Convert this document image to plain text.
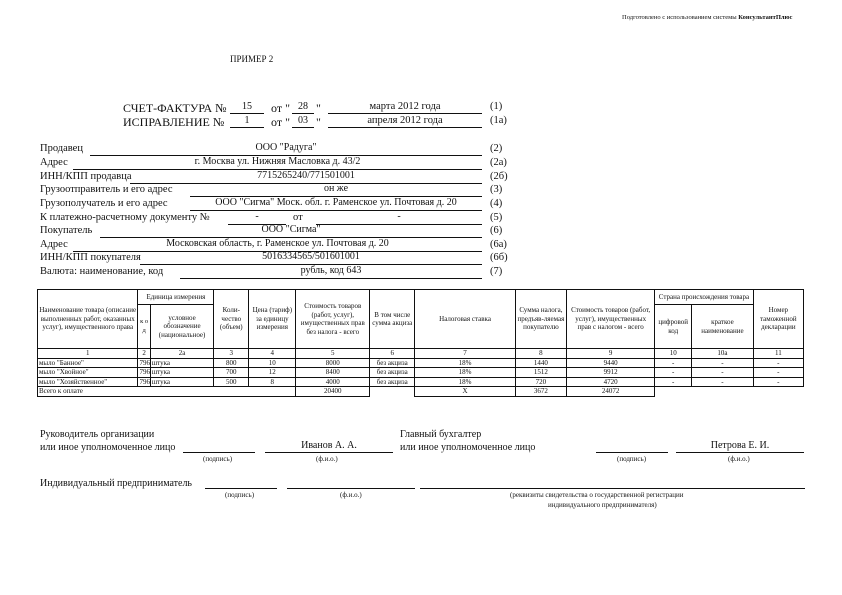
Подготовлено с использованием системы КонсультантПлюс
ПРИМЕР 2
СЧЕТ-ФАКТУРА №	15	от " 28 "	марта 2012 года	(1)
ИСПРАВЛЕНИЕ №	1	от " 03 "	апреля 2012 года	(1а)
Продавец	ООО "Радуга"	(2)
Адрес	г. Москва ул. Нижняя Масловка д. 43/2	(2а)
ИНН/КПП продавца	7715265240/771501001	(2б)
Грузоотправитель и его адрес	он же	(3)
Грузополучатель и его адрес	ООО "Сигма" Моск. обл. г. Раменское ул. Почтовая д. 20	(4)
К платежно-расчетному документу №	-	от	-	(5)
Покупатель	ООО "Сигма"	(6)
Адрес	Московская область, г. Раменское ул. Почтовая д. 20	(6а)
ИНН/КПП покупателя	5016334565/501601001	(6б)
Валюта: наименование, код	рубль, код 643	(7)
Наименование товара (описание выполненных работ, оказанных услуг), имущественного права	Единица измерения		Коли-чество (объем)	Цена (тариф) за единицу измерения	Стоимость товаров (работ, услуг), имущественных прав без налога - всего	В том числе сумма акциза	Налоговая ставка	Сумма налога, предъяв-ляемая покупателю	Стоимость товаров (работ, услуг), имущественных прав с налогом - всего	Страна происхождения товара		Номер таможенной декларации
	к о д	условное обозначение (национальное)								цифровой код	краткое наименование	
1	2	2а	3	4	5	6	7	8	9	10	10а	11
мыло "Банное"	796	штука	800	10	8000	без акциза	18%	1440	9440	-	-	-
мыло "Хвойное"	796	штука	700	12	8400	без акциза	18%	1512	9912	-	-	-
мыло "Хозяйственное"	796	штука	500	8	4000	без акциза	18%	720	4720	-	-	-
Всего к оплате					20400		X	3672	24072			
Руководитель организации
или иное уполномоченное лицо	Иванов А. А.
(подпись)	(ф.и.о.)
Главный бухгалтер
или иное уполномоченное лицо	Петрова Е. И.
(подпись)	(ф.и.о.)
Индивидуальный предприниматель
(подпись)	(ф.и.о.)	(реквизиты свидетельства о государственной регистрации
индивидуального предпринимателя)
